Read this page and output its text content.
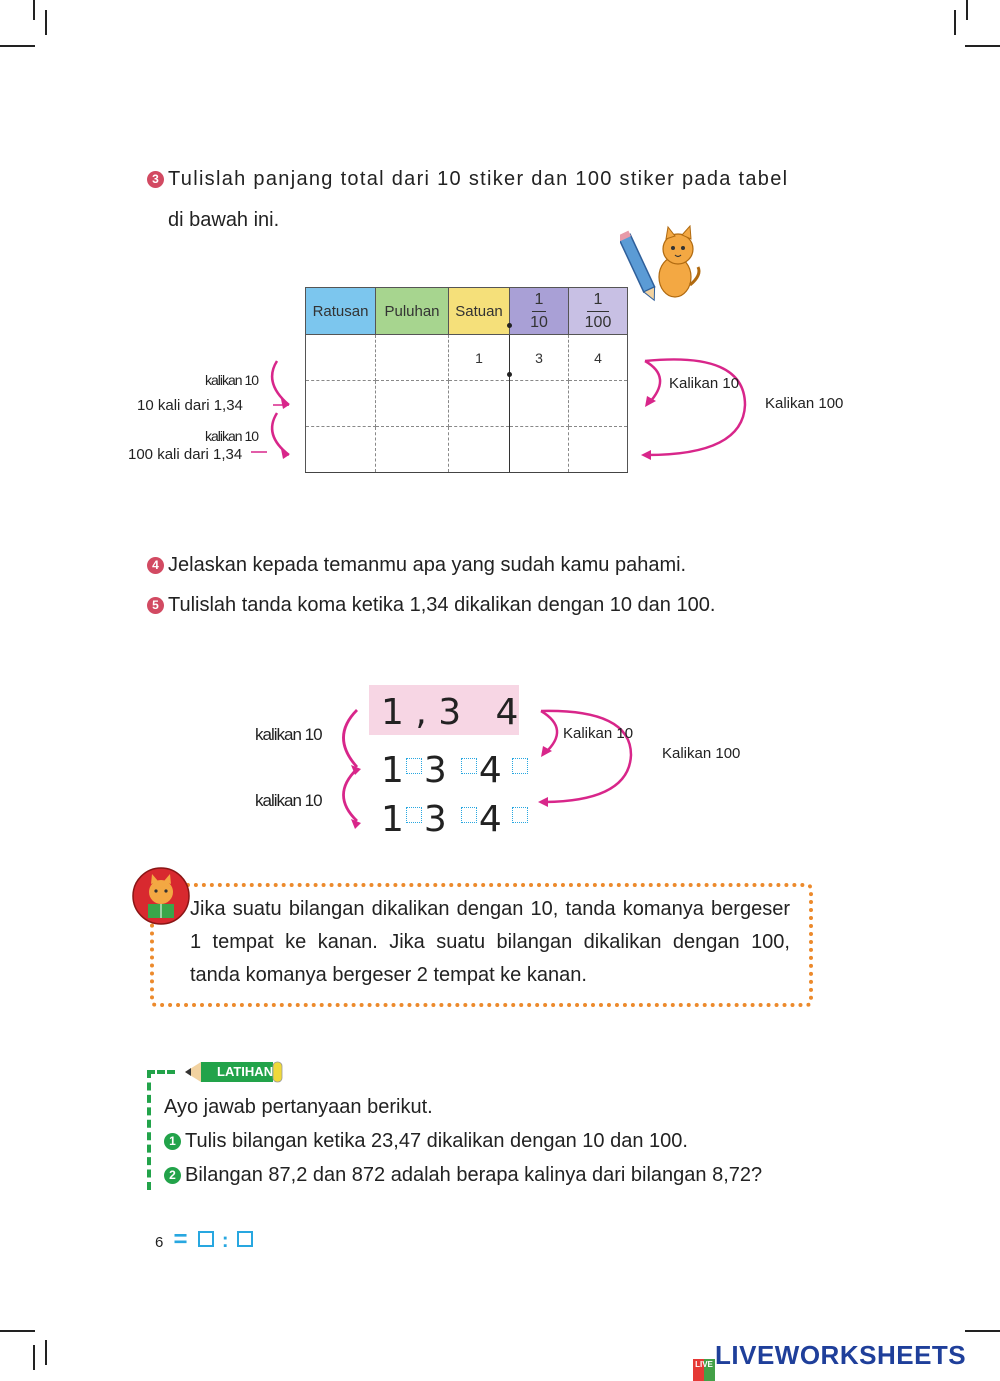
3 Tulislah panjang total dari 10 stiker dan 100 stiker pada tabel
di bawah ini.
Ratusan	Puluhan	Satuan	$\frac{1}{10}$	$\frac{1}{100}$
		1	3	4

kalikan 10
10 kali dari 1,34
kalikan 10
100 kali dari 1,34
Kalikan 10
Kalikan 100
4 Jelaskan kepada temanmu apa yang sudah kamu pahami.
5 Tulislah tanda koma ketika 1,34 dikalikan dengan 10 dan 100.
1 , 3   4
1 3 4
1 3 4
kalikan 10
kalikan 10
Kalikan 10
Kalikan 100
Jika suatu bilangan dikalikan dengan 10, tanda komanya bergeser 1 tempat ke kanan. Jika suatu bilangan dikalikan dengan 100, tanda komanya bergeser 2 tempat ke kanan.
LATIHAN
Ayo jawab pertanyaan berikut.
1 Tulis bilangan ketika 23,47 dikalikan dengan 10 dan 100.
2 Bilangan 87,2 dan 872 adalah berapa kalinya dari bilangan 8,72?
6 = :
LIVELIVEWORKSHEETS
